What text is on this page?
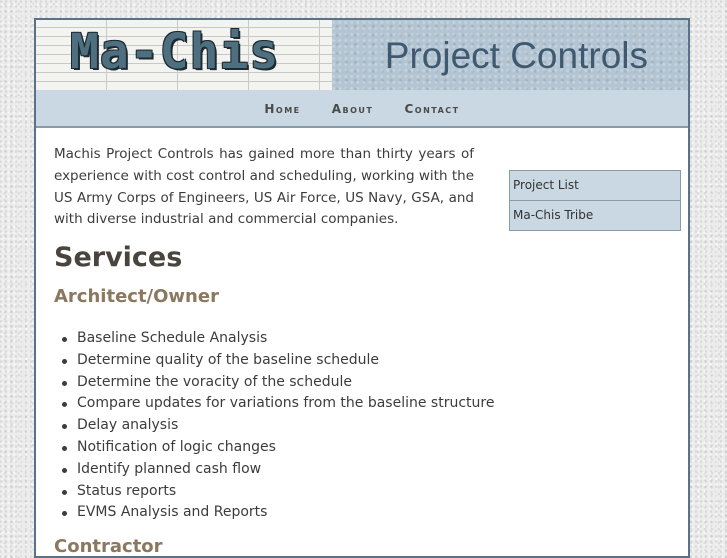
Ma-Chis	Project Controls
Home	About	Contact

Machis Project Controls has gained more than thirty years of experience with cost control and scheduling, working with the US Army Corps of Engineers, US Air Force, US Navy, GSA, and with diverse industrial and commercial companies.

Project List
Ma-Chis Tribe
Services
Architect/Owner
Baseline Schedule Analysis
Determine quality of the baseline schedule
Determine the voracity of the schedule
Compare updates for variations from the baseline structure
Delay analysis
Notification of logic changes
Identify planned cash flow
Status reports
EVMS Analysis and Reports
Contractor
